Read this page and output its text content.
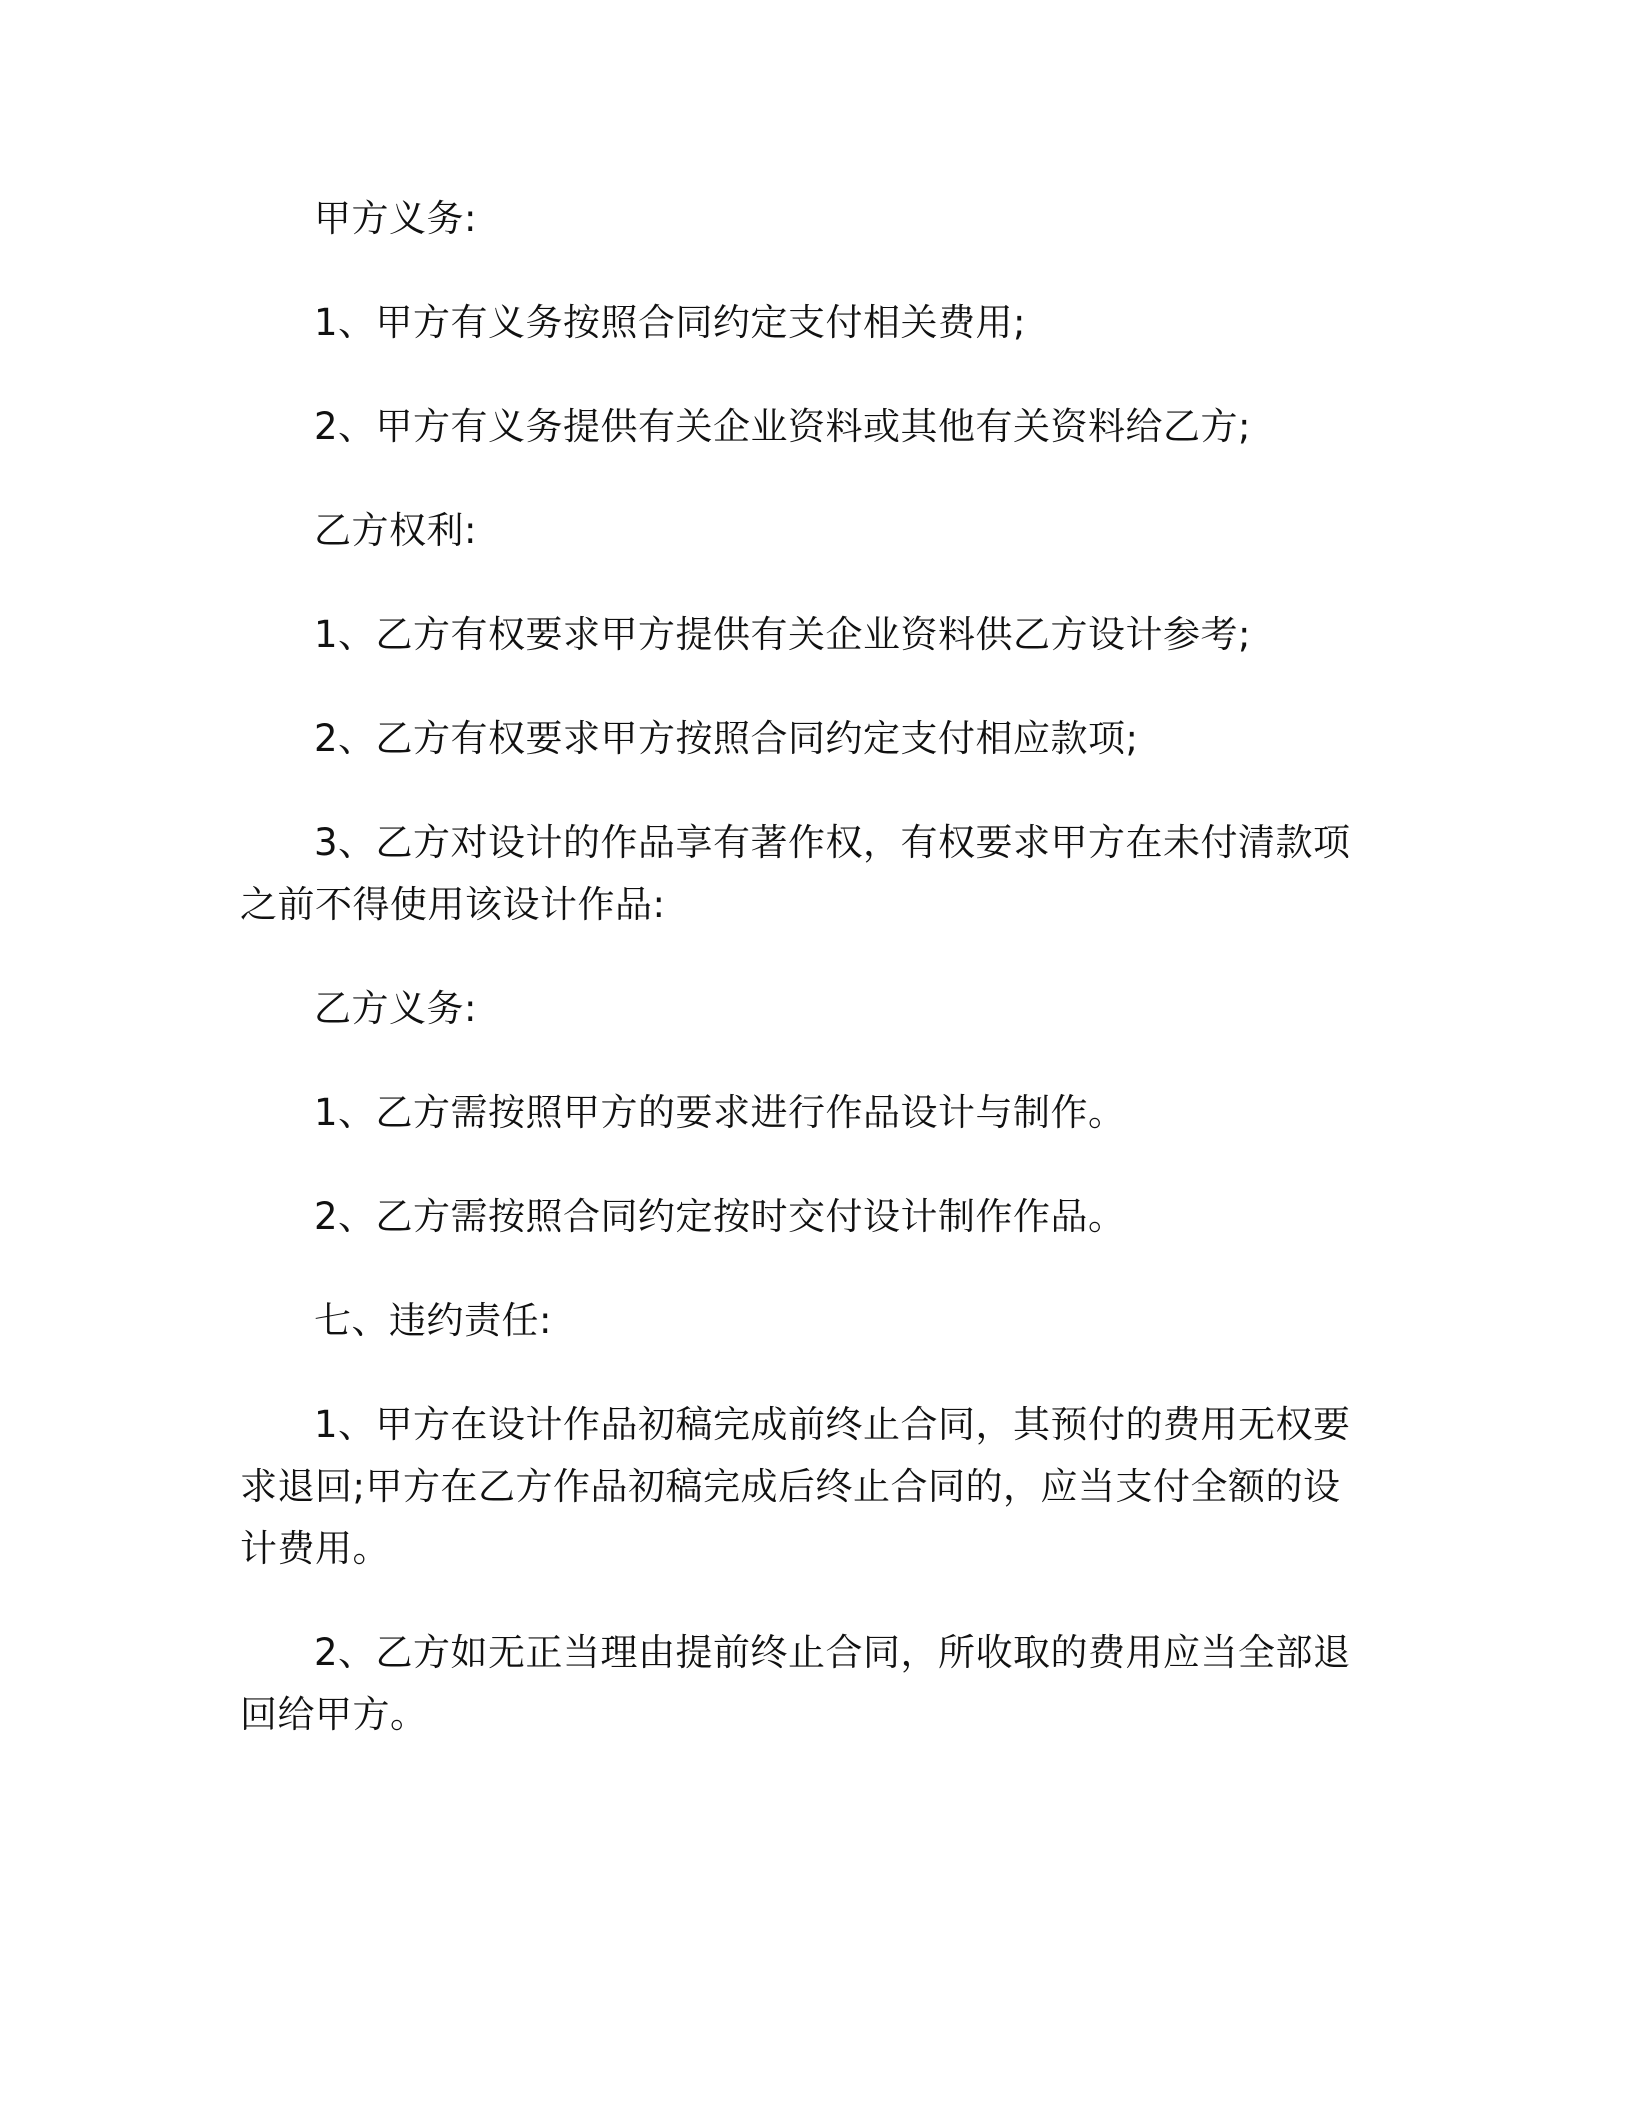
甲方义务:

1、甲方有义务按照合同约定支付相关费用;

2、甲方有义务提供有关企业资料或其他有关资料给乙方;

乙方权利:

1、乙方有权要求甲方提供有关企业资料供乙方设计参考;

2、乙方有权要求甲方按照合同约定支付相应款项;

3、乙方对设计的作品享有著作权，有权要求甲方在未付清款项之前不得使用该设计作品:

乙方义务:

1、乙方需按照甲方的要求进行作品设计与制作。

2、乙方需按照合同约定按时交付设计制作作品。

七、违约责任:

1、甲方在设计作品初稿完成前终止合同，其预付的费用无权要求退回;甲方在乙方作品初稿完成后终止合同的，应当支付全额的设计费用。

2、乙方如无正当理由提前终止合同，所收取的费用应当全部退回给甲方。
